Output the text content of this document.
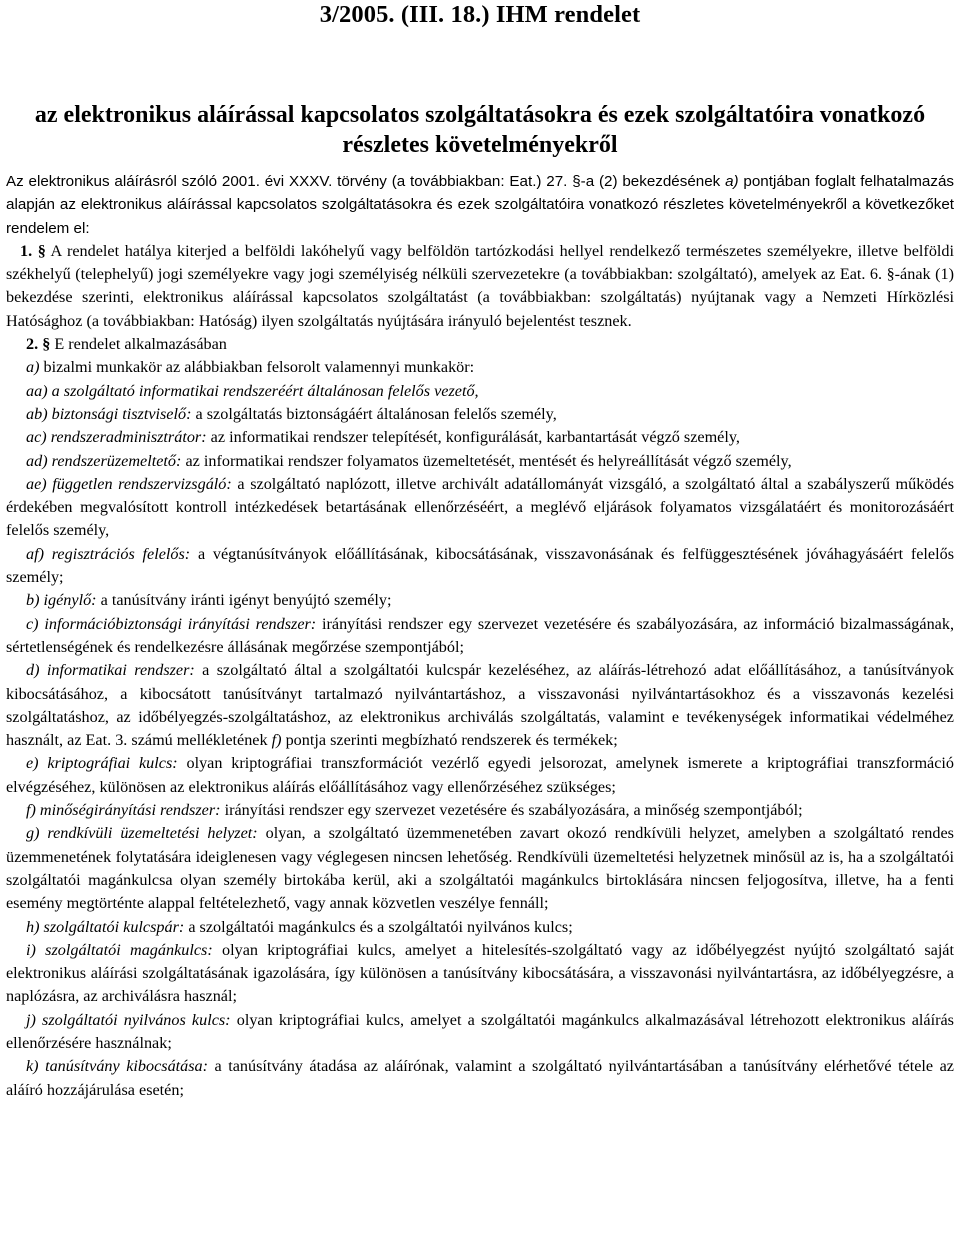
3/2005. (III. 18.) IHM rendelet
az elektronikus aláírással kapcsolatos szolgáltatásokra és ezek szolgáltatóira vonatkozó részletes követelményekről

Az elektronikus aláírásról szóló 2001. évi XXXV. törvény (a továbbiakban: Eat.) 27. §-a (2) bekezdésének a) pontjában foglalt felhatalmazás alapján az elektronikus aláírással kapcsolatos szolgáltatásokra és ezek szolgáltatóira vonatkozó részletes követelményekről a következőket rendelem el:

1. § A rendelet hatálya kiterjed a belföldi lakóhelyű vagy belföldön tartózkodási hellyel rendelkező természetes személyekre, illetve belföldi székhelyű (telephelyű) jogi személyekre vagy jogi személyiség nélküli szervezetekre (a továbbiakban: szolgáltató), amelyek az Eat. 6. §-ának (1) bekezdése szerinti, elektronikus aláírással kapcsolatos szolgáltatást (a továbbiakban: szolgáltatás) nyújtanak vagy a Nemzeti Hírközlési Hatósághoz (a továbbiakban: Hatóság) ilyen szolgáltatás nyújtására irányuló bejelentést tesznek.

2. § E rendelet alkalmazásában

a) bizalmi munkakör az alábbiakban felsorolt valamennyi munkakör:

aa) a szolgáltató informatikai rendszeréért általánosan felelős vezető,

ab) biztonsági tisztviselő: a szolgáltatás biztonságáért általánosan felelős személy,

ac) rendszeradminisztrátor: az informatikai rendszer telepítését, konfigurálását, karbantartását végző személy,

ad) rendszerüzemeltető: az informatikai rendszer folyamatos üzemeltetését, mentését és helyreállítását végző személy,

ae) független rendszervizsgáló: a szolgáltató naplózott, illetve archivált adatállományát vizsgáló, a szolgáltató által a szabályszerű működés érdekében megvalósított kontroll intézkedések betartásának ellenőrzéséért, a meglévő eljárások folyamatos vizsgálatáért és monitorozásáért felelős személy,

af) regisztrációs felelős: a végtanúsítványok előállításának, kibocsátásának, visszavonásának és felfüggesztésének jóváhagyásáért felelős személy;

b) igénylő: a tanúsítvány iránti igényt benyújtó személy;

c) információbiztonsági irányítási rendszer: irányítási rendszer egy szervezet vezetésére és szabályozására, az információ bizalmasságának, sértetlenségének és rendelkezésre állásának megőrzése szempontjából;

d) informatikai rendszer: a szolgáltató által a szolgáltatói kulcspár kezeléséhez, az aláírás-létrehozó adat előállításához, a tanúsítványok kibocsátásához, a kibocsátott tanúsítványt tartalmazó nyilvántartáshoz, a visszavonási nyilvántartásokhoz és a visszavonás kezelési szolgáltatáshoz, az időbélyegzés-szolgáltatáshoz, az elektronikus archiválás szolgáltatás, valamint e tevékenységek informatikai védelméhez használt, az Eat. 3. számú mellékletének f) pontja szerinti megbízható rendszerek és termékek;

e) kriptográfiai kulcs: olyan kriptográfiai transzformációt vezérlő egyedi jelsorozat, amelynek ismerete a kriptográfiai transzformáció elvégzéséhez, különösen az elektronikus aláírás előállításához vagy ellenőrzéséhez szükséges;

f) minőségirányítási rendszer: irányítási rendszer egy szervezet vezetésére és szabályozására, a minőség szempontjából;

g) rendkívüli üzemeltetési helyzet: olyan, a szolgáltató üzemmenetében zavart okozó rendkívüli helyzet, amelyben a szolgáltató rendes üzemmenetének folytatására ideiglenesen vagy véglegesen nincsen lehetőség. Rendkívüli üzemeltetési helyzetnek minősül az is, ha a szolgáltatói szolgáltatói magánkulcsa olyan személy birtokába kerül, aki a szolgáltatói magánkulcs birtoklására nincsen feljogosítva, illetve, ha a fenti esemény megtörténte alappal feltételezhető, vagy annak közvetlen veszélye fennáll;

h) szolgáltatói kulcspár: a szolgáltatói magánkulcs és a szolgáltatói nyilvános kulcs;

i) szolgáltatói magánkulcs: olyan kriptográfiai kulcs, amelyet a hitelesítés-szolgáltató vagy az időbélyegzést nyújtó szolgáltató saját elektronikus aláírási szolgáltatásának igazolására, így különösen a tanúsítvány kibocsátására, a visszavonási nyilvántartásra, az időbélyegzésre, a naplózásra, az archiválásra használ;

j) szolgáltatói nyilvános kulcs: olyan kriptográfiai kulcs, amelyet a szolgáltatói magánkulcs alkalmazásával létrehozott elektronikus aláírás ellenőrzésére használnak;

k) tanúsítvány kibocsátása: a tanúsítvány átadása az aláírónak, valamint a szolgáltató nyilvántartásában a tanúsítvány elérhetővé tétele az aláíró hozzájárulása esetén;
